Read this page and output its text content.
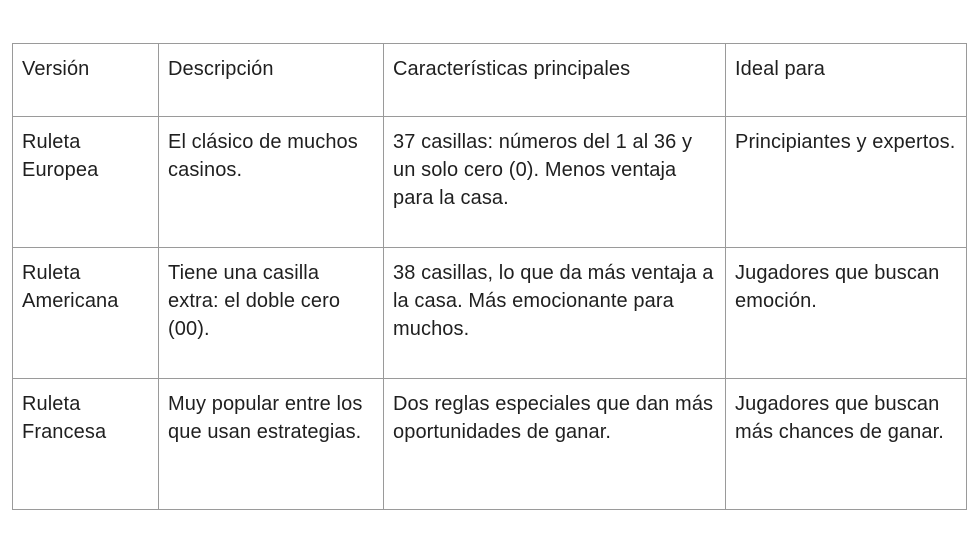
Versión	Descripción	Características principales	Ideal para
Ruleta Europea	El clásico de muchos casinos.	37 casillas: números del 1 al 36 y un solo cero (0). Menos ventaja para la casa.	Principiantes y expertos.
Ruleta Americana	Tiene una casilla extra: el doble cero (00).	38 casillas, lo que da más ventaja a la casa. Más emocionante para muchos.	Jugadores que buscan emoción.
Ruleta Francesa	Muy popular entre los que usan estrategias.	Dos reglas especiales que dan más oportunidades de ganar.	Jugadores que buscan más chances de ganar.
